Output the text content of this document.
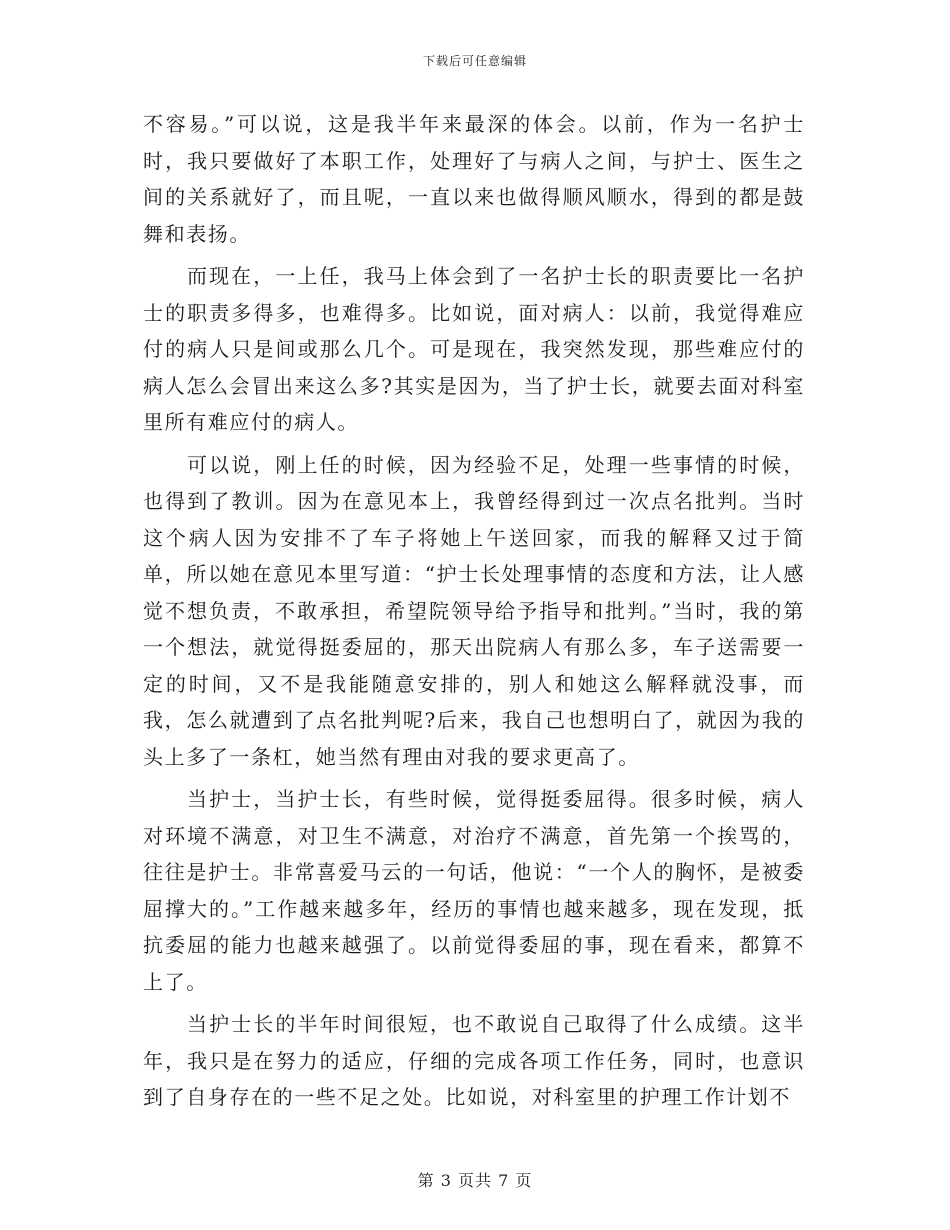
下载后可任意编辑

不容易。”可以说，这是我半年来最深的体会。以前，作为一名护士时，我只要做好了本职工作，处理好了与病人之间，与护士、医生之间的关系就好了，而且呢，一直以来也做得顺风顺水，得到的都是鼓舞和表扬。

而现在，一上任，我马上体会到了一名护士长的职责要比一名护士的职责多得多，也难得多。比如说，面对病人：以前，我觉得难应付的病人只是间或那么几个。可是现在，我突然发现，那些难应付的病人怎么会冒出来这么多?其实是因为，当了护士长，就要去面对科室里所有难应付的病人。

可以说，刚上任的时候，因为经验不足，处理一些事情的时候，也得到了教训。因为在意见本上，我曾经得到过一次点名批判。当时这个病人因为安排不了车子将她上午送回家，而我的解释又过于简单，所以她在意见本里写道：“护士长处理事情的态度和方法，让人感觉不想负责，不敢承担，希望院领导给予指导和批判。”当时，我的第一个想法，就觉得挺委屈的，那天出院病人有那么多，车子送需要一定的时间，又不是我能随意安排的，别人和她这么解释就没事，而我，怎么就遭到了点名批判呢?后来，我自己也想明白了，就因为我的头上多了一条杠，她当然有理由对我的要求更高了。

当护士，当护士长，有些时候，觉得挺委屈得。很多时候，病人对环境不满意，对卫生不满意，对治疗不满意，首先第一个挨骂的，往往是护士。非常喜爱马云的一句话，他说：“一个人的胸怀，是被委屈撑大的。”工作越来越多年，经历的事情也越来越多，现在发现，抵抗委屈的能力也越来越强了。以前觉得委屈的事，现在看来，都算不上了。

当护士长的半年时间很短，也不敢说自己取得了什么成绩。这半年，我只是在努力的适应，仔细的完成各项工作任务，同时，也意识到了自身存在的一些不足之处。比如说，对科室里的护理工作计划不

第 3 页共 7 页
